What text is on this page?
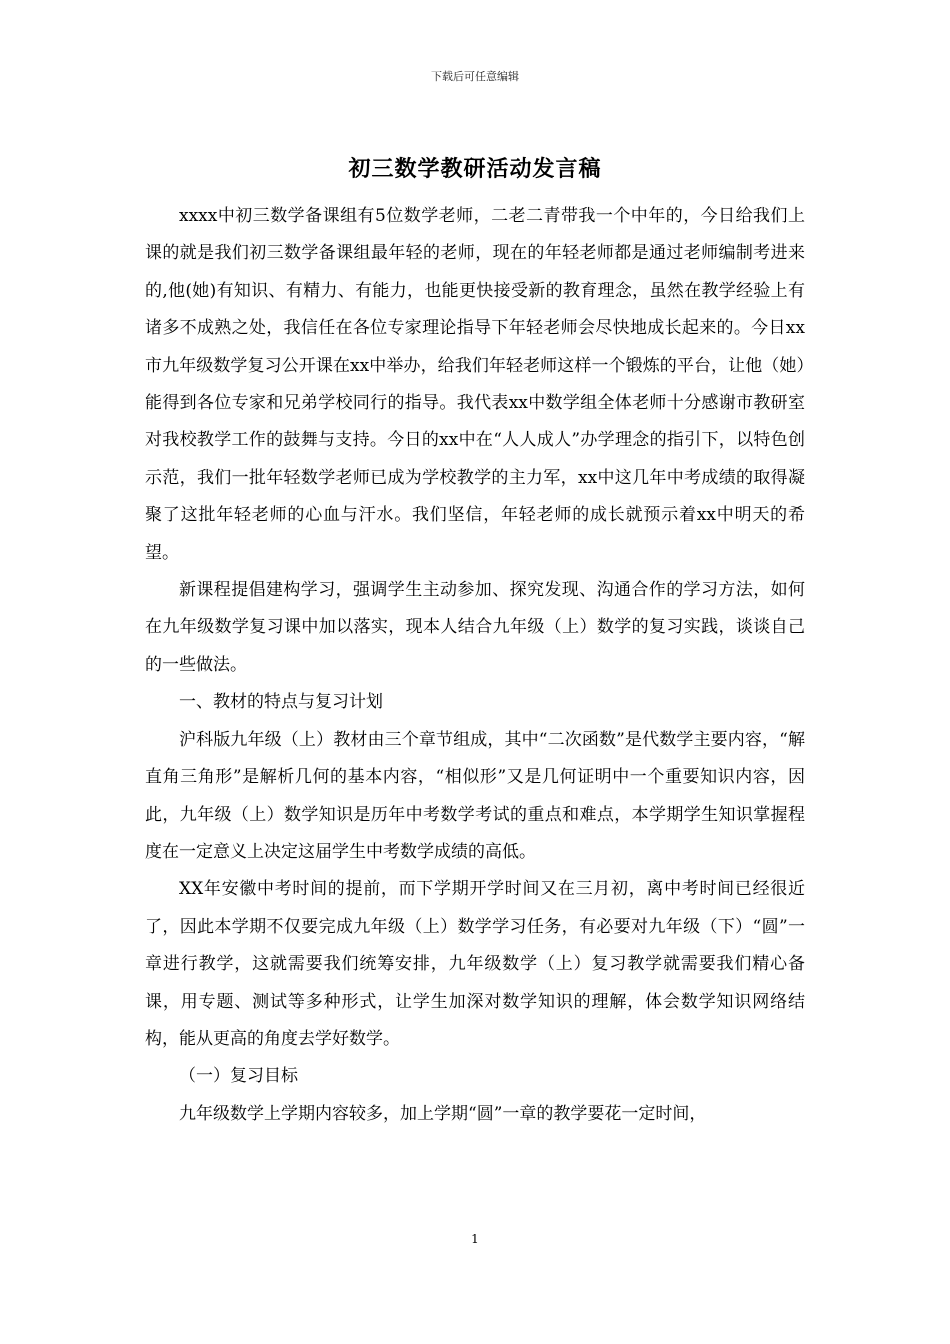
下载后可任意编辑
初三数学教研活动发言稿

xxxx中初三数学备课组有5位数学老师，二老二青带我一个中年的，今日给我们上课的就是我们初三数学备课组最年轻的老师，现在的年轻老师都是通过老师编制考进来的,他(她)有知识、有精力、有能力，也能更快接受新的教育理念，虽然在教学经验上有诸多不成熟之处，我信任在各位专家理论指导下年轻老师会尽快地成长起来的。今日xx市九年级数学复习公开课在xx中举办，给我们年轻老师这样一个锻炼的平台，让他（她）能得到各位专家和兄弟学校同行的指导。我代表xx中数学组全体老师十分感谢市教研室对我校教学工作的鼓舞与支持。今日的xx中在“人人成人”办学理念的指引下，以特色创示范，我们一批年轻数学老师已成为学校教学的主力军，xx中这几年中考成绩的取得凝聚了这批年轻老师的心血与汗水。我们坚信，年轻老师的成长就预示着xx中明天的希望。

新课程提倡建构学习，强调学生主动参加、探究发现、沟通合作的学习方法，如何在九年级数学复习课中加以落实，现本人结合九年级（上）数学的复习实践，谈谈自己的一些做法。

一、教材的特点与复习计划

沪科版九年级（上）教材由三个章节组成，其中“二次函数”是代数学主要内容，“解直角三角形”是解析几何的基本内容，“相似形”又是几何证明中一个重要知识内容，因此，九年级（上）数学知识是历年中考数学考试的重点和难点，本学期学生知识掌握程度在一定意义上决定这届学生中考数学成绩的高低。

XX年安徽中考时间的提前，而下学期开学时间又在三月初，离中考时间已经很近了，因此本学期不仅要完成九年级（上）数学学习任务，有必要对九年级（下）“圆”一章进行教学，这就需要我们统筹安排，九年级数学（上）复习教学就需要我们精心备课，用专题、测试等多种形式，让学生加深对数学知识的理解，体会数学知识网络结构，能从更高的角度去学好数学。

（一）复习目标

九年级数学上学期内容较多，加上学期“圆”一章的教学要花一定时间，

1
